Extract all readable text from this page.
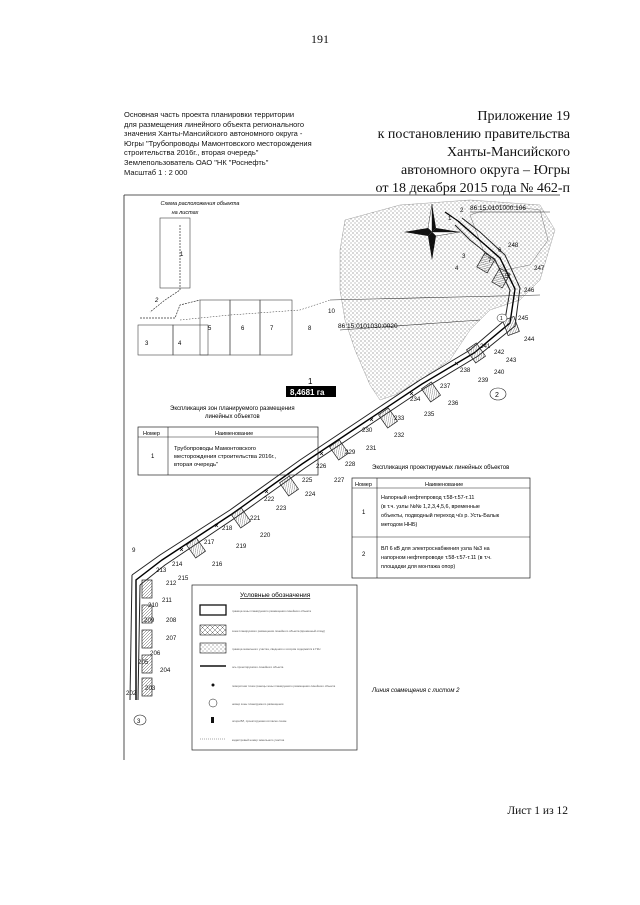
191
Приложение 19
к постановлению правительства
Ханты-Мансийского
автономного округа – Югры
от 18 декабря 2015 года № 462-п
Основная часть проекта планировки территории
для размещения линейного объекта регионального
значения Ханты-Мансийского автономного округа -
Югры "Трубопроводы Мамонтовского месторождения
строительства 2016г., вторая очередь"
Землепользователь ОАО "НК "Роснефть"
Масштаб 1 : 2 000
Схема расположения объекта
на листах
1
2
3	4
5	6	7	8	86:15:0101030:0020
86:15:0101000:106
1
2
3
4
5
6
7
9
10
202
203
204
205
206
207
208
209
210
211
212
213
214
215
216
217
218
219
220
221
222
223
224
225
226
227
228
229
230
231
232
233
234
235
236
237
238
239
240
241
242
243
244
245
246
247
248
2
3
1
1
8,4681 га
Экспликация зон планируемого размещения
линейных объектов
Номер	Наименование
1
Трубопроводы Мамонтовского
месторождения строительства 2016г.,
вторая очередь"	Экспликация проектируемых линейных объектов
Номер	Наименование
1
Напорный нефтепровод т.58-т.57-т.11
(в т.ч. узлы №№ 1,2,3,4,5,6, временные
объекты, подводный переход ч/з р. Усть-Балык
методом ННБ)
2
ВЛ 6 кВ для электроснабжения узла №3 на
напорном нефтепроводе т.58-т.57-т.11 (в т.ч.
площадки для монтажа опор)
Условные обозначения
граница зоны планируемого размещения линейного объекта
зона планируемого размещения линейного объекта (временный отвод)
граница земельного участка, сведения о котором содержатся в ГКН
ось проектируемого линейного объекта
поворотная точка границы зоны планируемого размещения линейного объекта
номер зоны планируемого размещения
опора ВЛ, проектируемая согласно схеме
кадастровый номер земельного участка
Линия совмещения с листом 2
Лист 1 из 12
